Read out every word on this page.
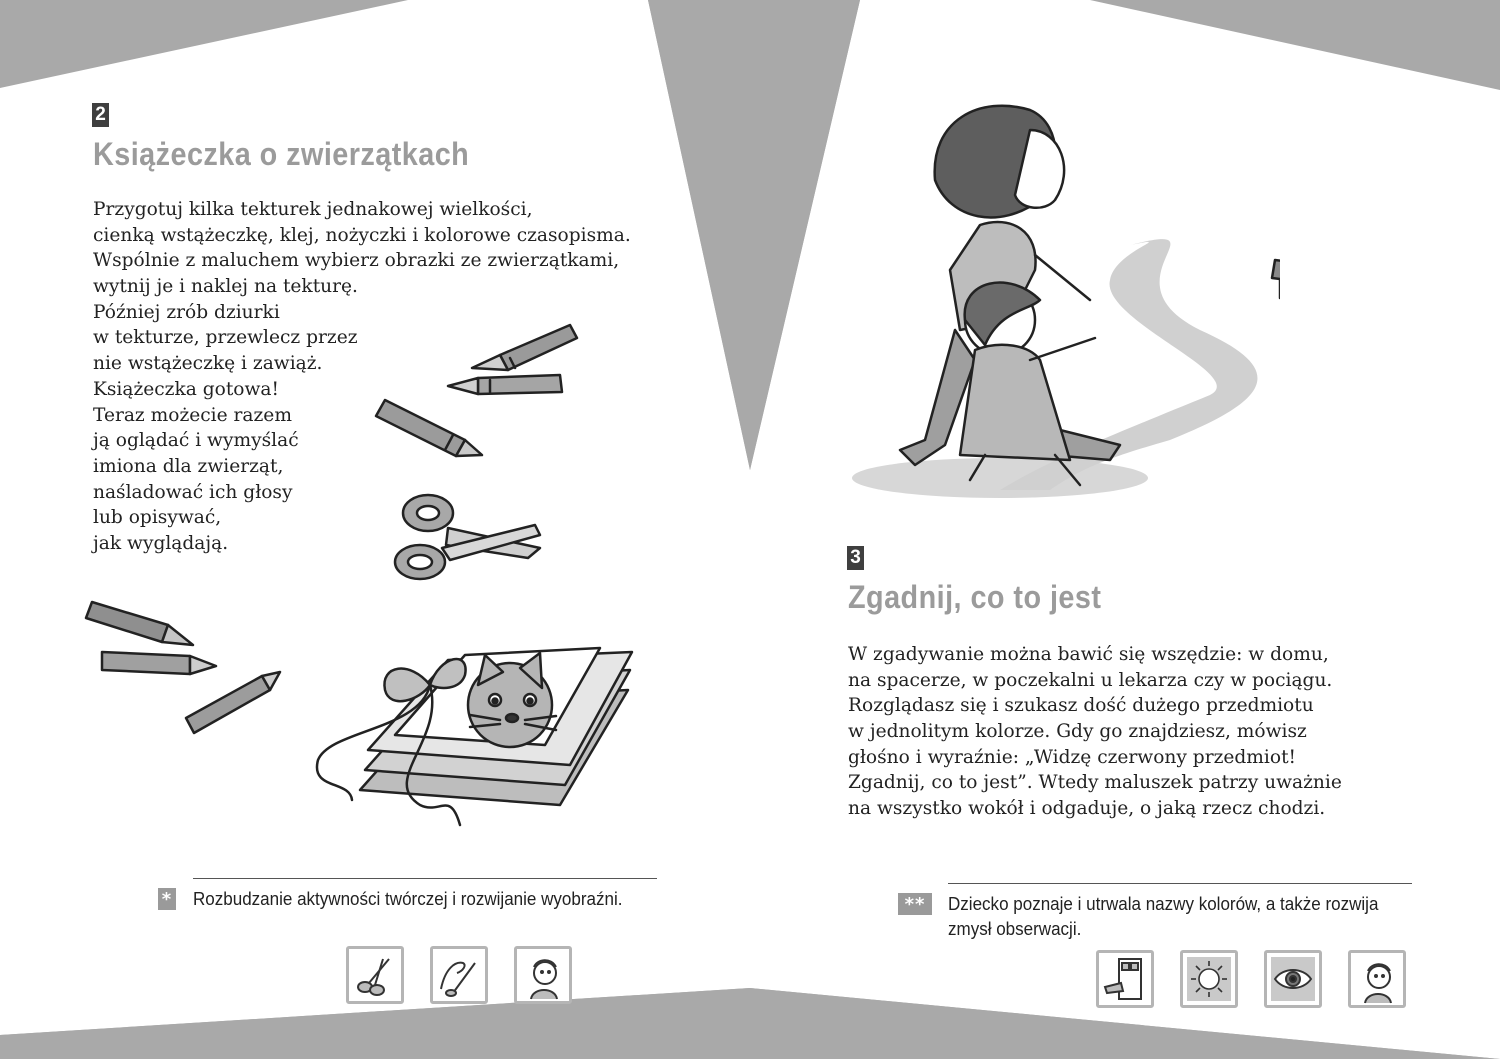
2
Książeczka o zwierzątkach
Przygotuj kilka tekturek jednakowej wielkości,
cienką wstążeczkę, klej, nożyczki i kolorowe czasopisma.
Wspólnie z maluchem wybierz obrazki ze zwierzątkami,
wytnij je i naklej na tekturę.
Później zrób dziurki
w tekturze, przewlecz przez
nie wstążeczkę i zawiąż.
Książeczka gotowa!
Teraz możecie razem
ją oglądać i wymyślać
imiona dla zwierząt,
naśladować ich głosy
lub opisywać,
jak wyglądają.
* Rozbudzanie aktywności twórczej i rozwijanie wyobraźni.
6
3
Zgadnij, co to jest
W zgadywanie można bawić się wszędzie: w domu,
na spacerze, w poczekalni u lekarza czy w pociągu.
Rozglądasz się i szukasz dość dużego przedmiotu
w jednolitym kolorze. Gdy go znajdziesz, mówisz
głośno i wyraźnie: „Widzę czerwony przedmiot!
Zgadnij, co to jest”. Wtedy maluszek patrzy uważnie
na wszystko wokół i odgaduje, o jaką rzecz chodzi.
**	Dziecko poznaje i utrwala nazwy kolorów, a także rozwija
zmysł obserwacji.
7
